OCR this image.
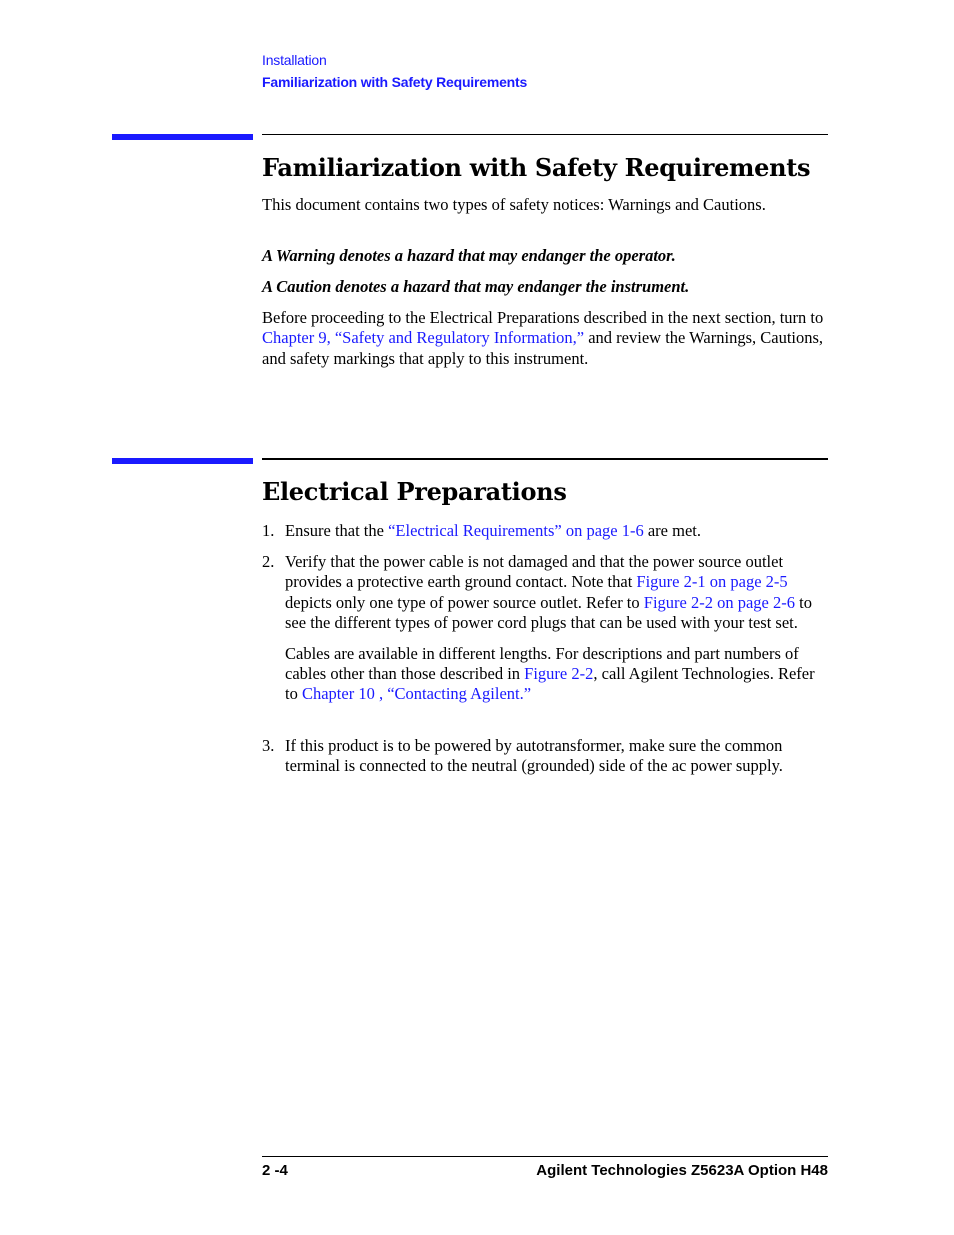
Installation
Familiarization with Safety Requirements
Familiarization with Safety Requirements
This document contains two types of safety notices: Warnings and Cautions.
A Warning denotes a hazard that may endanger the operator.
A Caution denotes a hazard that may endanger the instrument.
Before proceeding to the Electrical Preparations described in the next section, turn to Chapter 9, “Safety and Regulatory Information,” and review the Warnings, Cautions, and safety markings that apply to this instrument.
Electrical Preparations
1. Ensure that the “Electrical Requirements” on page 1-6 are met.
2. Verify that the power cable is not damaged and that the power source outlet provides a protective earth ground contact. Note that Figure 2-1 on page 2-5 depicts only one type of power source outlet. Refer to Figure 2-2 on page 2-6 to see the different types of power cord plugs that can be used with your test set.
Cables are available in different lengths. For descriptions and part numbers of cables other than those described in Figure 2-2, call Agilent Technologies. Refer to Chapter 10 , “Contacting Agilent.”
3. If this product is to be powered by autotransformer, make sure the common terminal is connected to the neutral (grounded) side of the ac power supply.
2 -4	Agilent Technologies Z5623A Option H48
